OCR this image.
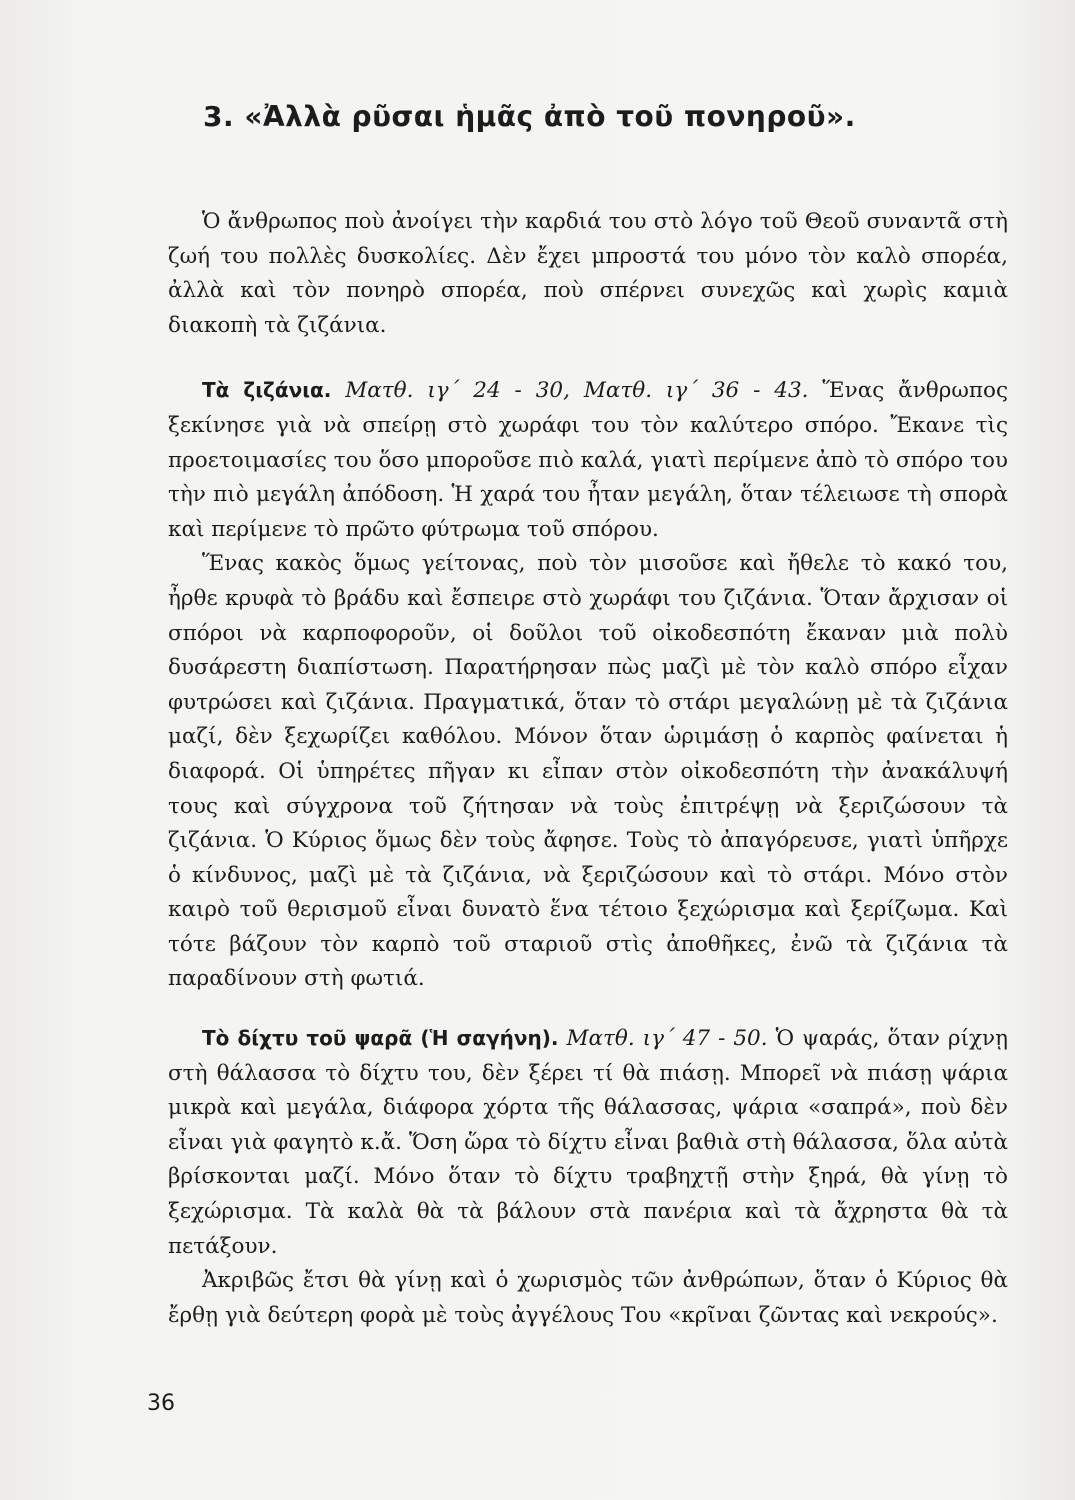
3. «Ἀλλὰ ρῦσαι ἡμᾶς ἀπὸ τοῦ πονηροῦ».

Ὁ ἄνθρωπος ποὺ ἀνοίγει τὴν καρδιά του στὸ λόγο τοῦ Θεοῦ συναντᾶ στὴ ζωή του πολλὲς δυσκολίες. Δὲν ἔχει μπροστά του μόνο τὸν καλὸ σπορέα, ἀλλὰ καὶ τὸν πονηρὸ σπορέα, ποὺ σπέρνει συνεχῶς καὶ χωρὶς καμιὰ διακοπὴ τὰ ζιζάνια.

Τὰ ζιζάνια. Ματθ. ιγ΄ 24 - 30, Ματθ. ιγ΄ 36 - 43. Ἕνας ἄνθρωπος ξεκίνησε γιὰ νὰ σπείρῃ στὸ χωράφι του τὸν καλύτερο σπόρο. Ἔκανε τὶς προετοιμασίες του ὅσο μποροῦσε πιὸ καλά, γιατὶ περίμενε ἀπὸ τὸ σπόρο του τὴν πιὸ μεγάλη ἀπόδοση. Ἡ χαρά του ἦταν μεγάλη, ὅταν τέλειωσε τὴ σπορὰ καὶ περίμενε τὸ πρῶτο φύτρωμα τοῦ σπόρου.

Ἕνας κακὸς ὅμως γείτονας, ποὺ τὸν μισοῦσε καὶ ἤθελε τὸ κακό του, ἦρθε κρυφὰ τὸ βράδυ καὶ ἔσπειρε στὸ χωράφι του ζιζάνια. Ὅταν ἄρχισαν οἱ σπόροι νὰ καρποφοροῦν, οἱ δοῦλοι τοῦ οἰκοδεσπότη ἔκαναν μιὰ πολὺ δυσάρεστη διαπίστωση. Παρατήρησαν πὼς μαζὶ μὲ τὸν καλὸ σπόρο εἶχαν φυτρώσει καὶ ζιζάνια. Πραγματικά, ὅταν τὸ στάρι μεγαλώνῃ μὲ τὰ ζιζάνια μαζί, δὲν ξεχωρίζει καθόλου. Μόνον ὅταν ὡριμάσῃ ὁ καρπὸς φαίνεται ἡ διαφορά. Οἱ ὑπηρέτες πῆγαν κι εἶπαν στὸν οἰκοδεσπότη τὴν ἀνακάλυψή τους καὶ σύγχρονα τοῦ ζήτησαν νὰ τοὺς ἐπιτρέψῃ νὰ ξεριζώσουν τὰ ζιζάνια. Ὁ Κύριος ὅμως δὲν τοὺς ἄφησε. Τοὺς τὸ ἀπαγόρευσε, γιατὶ ὑπῆρχε ὁ κίνδυνος, μαζὶ μὲ τὰ ζιζάνια, νὰ ξεριζώσουν καὶ τὸ στάρι. Μόνο στὸν καιρὸ τοῦ θερισμοῦ εἶναι δυνατὸ ἕνα τέτοιο ξεχώρισμα καὶ ξερίζωμα. Καὶ τότε βάζουν τὸν καρπὸ τοῦ σταριοῦ στὶς ἀποθῆκες, ἐνῶ τὰ ζιζάνια τὰ παραδίνουν στὴ φωτιά.

Τὸ δίχτυ τοῦ ψαρᾶ (Ἡ σαγήνη). Ματθ. ιγ΄ 47 - 50. Ὁ ψαράς, ὅταν ρίχνῃ στὴ θάλασσα τὸ δίχτυ του, δὲν ξέρει τί θὰ πιάσῃ. Μπορεῖ νὰ πιάσῃ ψάρια μικρὰ καὶ μεγάλα, διάφορα χόρτα τῆς θάλασσας, ψάρια «σαπρά», ποὺ δὲν εἶναι γιὰ φαγητὸ κ.ἄ. Ὅση ὥρα τὸ δίχτυ εἶναι βαθιὰ στὴ θάλασσα, ὅλα αὐτὰ βρίσκονται μαζί. Μόνο ὅταν τὸ δίχτυ τραβηχτῇ στὴν ξηρά, θὰ γίνῃ τὸ ξεχώρισμα. Τὰ καλὰ θὰ τὰ βάλουν στὰ πανέρια καὶ τὰ ἄχρηστα θὰ τὰ πετάξουν.

Ἀκριβῶς ἔτσι θὰ γίνῃ καὶ ὁ χωρισμὸς τῶν ἀνθρώπων, ὅταν ὁ Κύριος θὰ ἔρθῃ γιὰ δεύτερη φορὰ μὲ τοὺς ἀγγέλους Του «κρῖναι ζῶντας καὶ νεκρούς».

36
